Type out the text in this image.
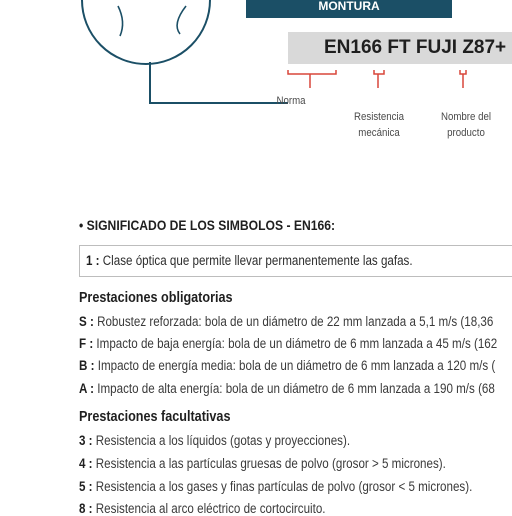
MONTURA
EN166 FT FUJI Z87+
Norma

Resistencia
mecánica

Nombre del
producto

• SIGNIFICADO DE LOS SIMBOLOS - EN166:
1 : Clase óptica que permite llevar permanentemente las gafas.
Prestaciones obligatorias
S : Robustez reforzada: bola de un diámetro de 22 mm lanzada a 5,1 m/s (18,36
F : Impacto de baja energía: bola de un diámetro de 6 mm lanzada a 45 m/s (162
B : Impacto de energía media: bola de un diámetro de 6 mm lanzada a 120 m/s (
A : Impacto de alta energía: bola de un diámetro de 6 mm lanzada a 190 m/s (68
Prestaciones facultativas
3 : Resistencia a los líquidos (gotas y proyecciones).
4 : Resistencia a las partículas gruesas de polvo (grosor > 5 micrones).
5 : Resistencia a los gases y finas partículas de polvo (grosor < 5 micrones).
8 : Resistencia al arco eléctrico de cortocircuito.
